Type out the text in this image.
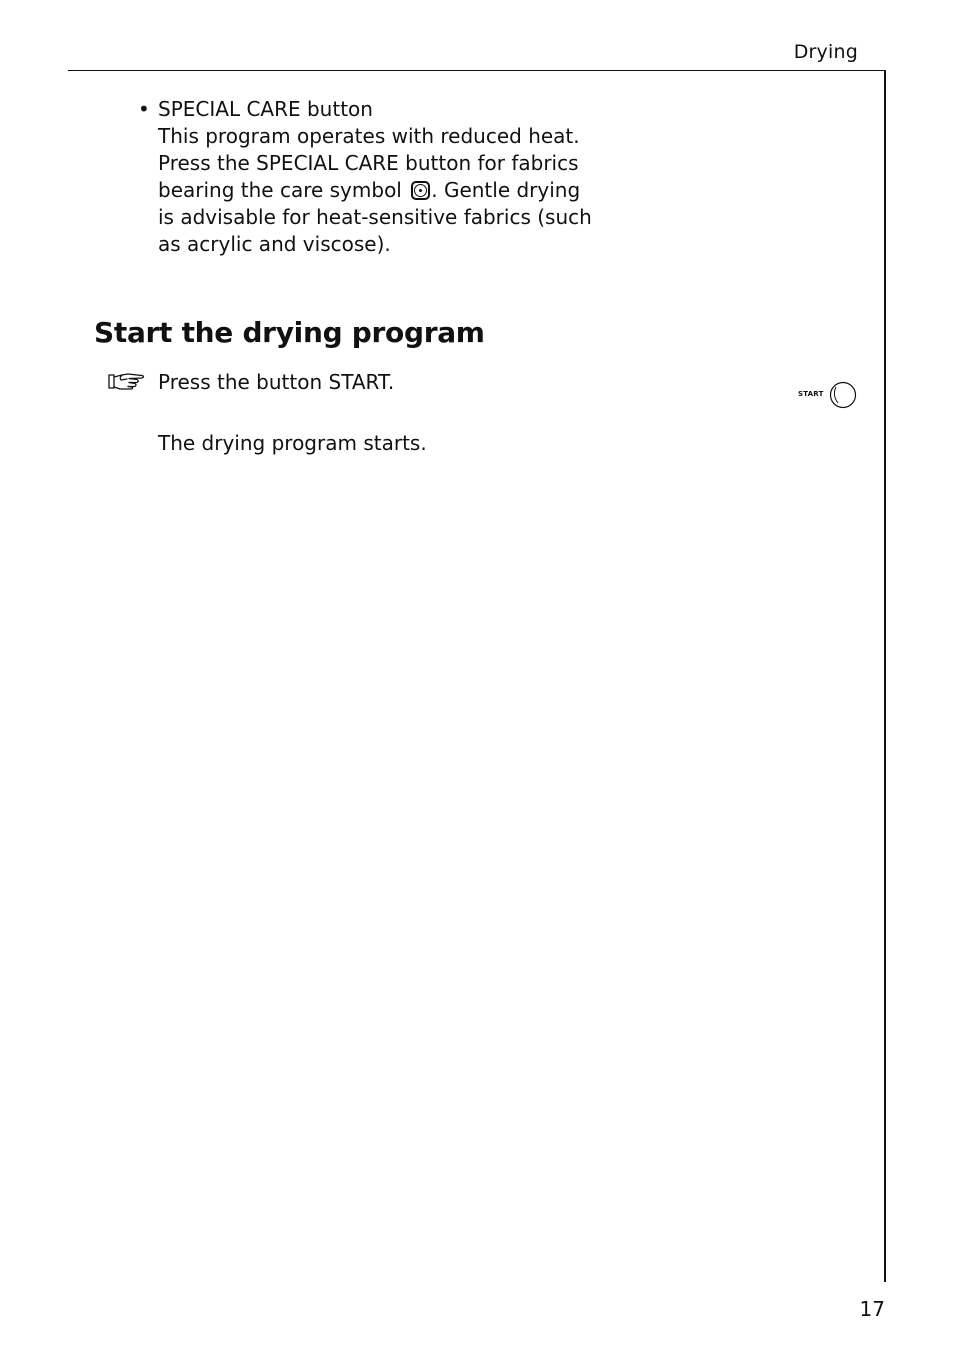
Drying
• SPECIAL CARE button
This program operates with reduced heat.
Press the SPECIAL CARE button for fabrics
bearing the care symbol
. Gentle drying
is advisable for heat-sensitive fabrics (such
as acrylic and viscose).
Start the drying program
Press the button START.
The drying program starts.
START
17
